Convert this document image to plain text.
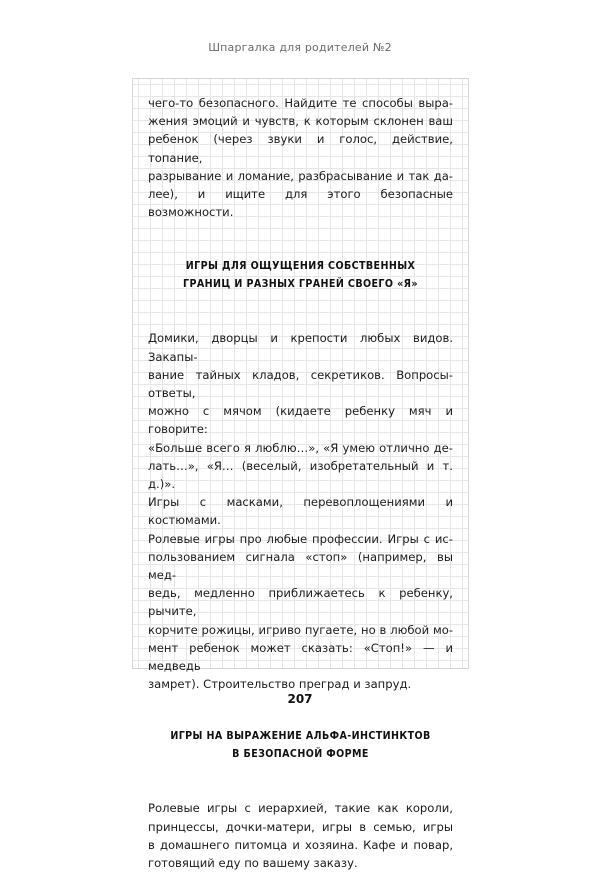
Шпаргалка для родителей №2
чего-то безопасного. Найдите те способы выра-
жения эмоций и чувств, к которым склонен ваш
ребенок (через звуки и голос, действие, топание,
разрывание и ломание, разбрасывание и так да-
лее), и ищите для этого безопасные возможности.
ИГРЫ ДЛЯ ОЩУЩЕНИЯ СОБСТВЕННЫХ
ГРАНИЦ И РАЗНЫХ ГРАНЕЙ СВОЕГО «Я»
Домики, дворцы и крепости любых видов. Закапы-
вание тайных кладов, секретиков. Вопросы-ответы,
можно с мячом (кидаете ребенку мяч и говорите:
«Больше всего я люблю…», «Я умею отлично де-
лать…», «Я… (веселый, изобретательный и т. д.)».
Игры с масками, перевоплощениями и костюмами.
Ролевые игры про любые профессии. Игры с ис-
пользованием сигнала «стоп» (например, вы мед-
ведь, медленно приближаетесь к ребенку, рычите,
корчите рожицы, игриво пугаете, но в любой мо-
мент ребенок может сказать: «Стоп!» — и медведь
замрет). Строительство преград и запруд.
ИГРЫ НА ВЫРАЖЕНИЕ АЛЬФА-ИНСТИНКТОВ
В БЕЗОПАСНОЙ ФОРМЕ
Ролевые игры с иерархией, такие как короли,
принцессы, дочки-матери, игры в семью, игры
в домашнего питомца и хозяина. Кафе и повар,
готовящий еду по вашему заказу.
207
